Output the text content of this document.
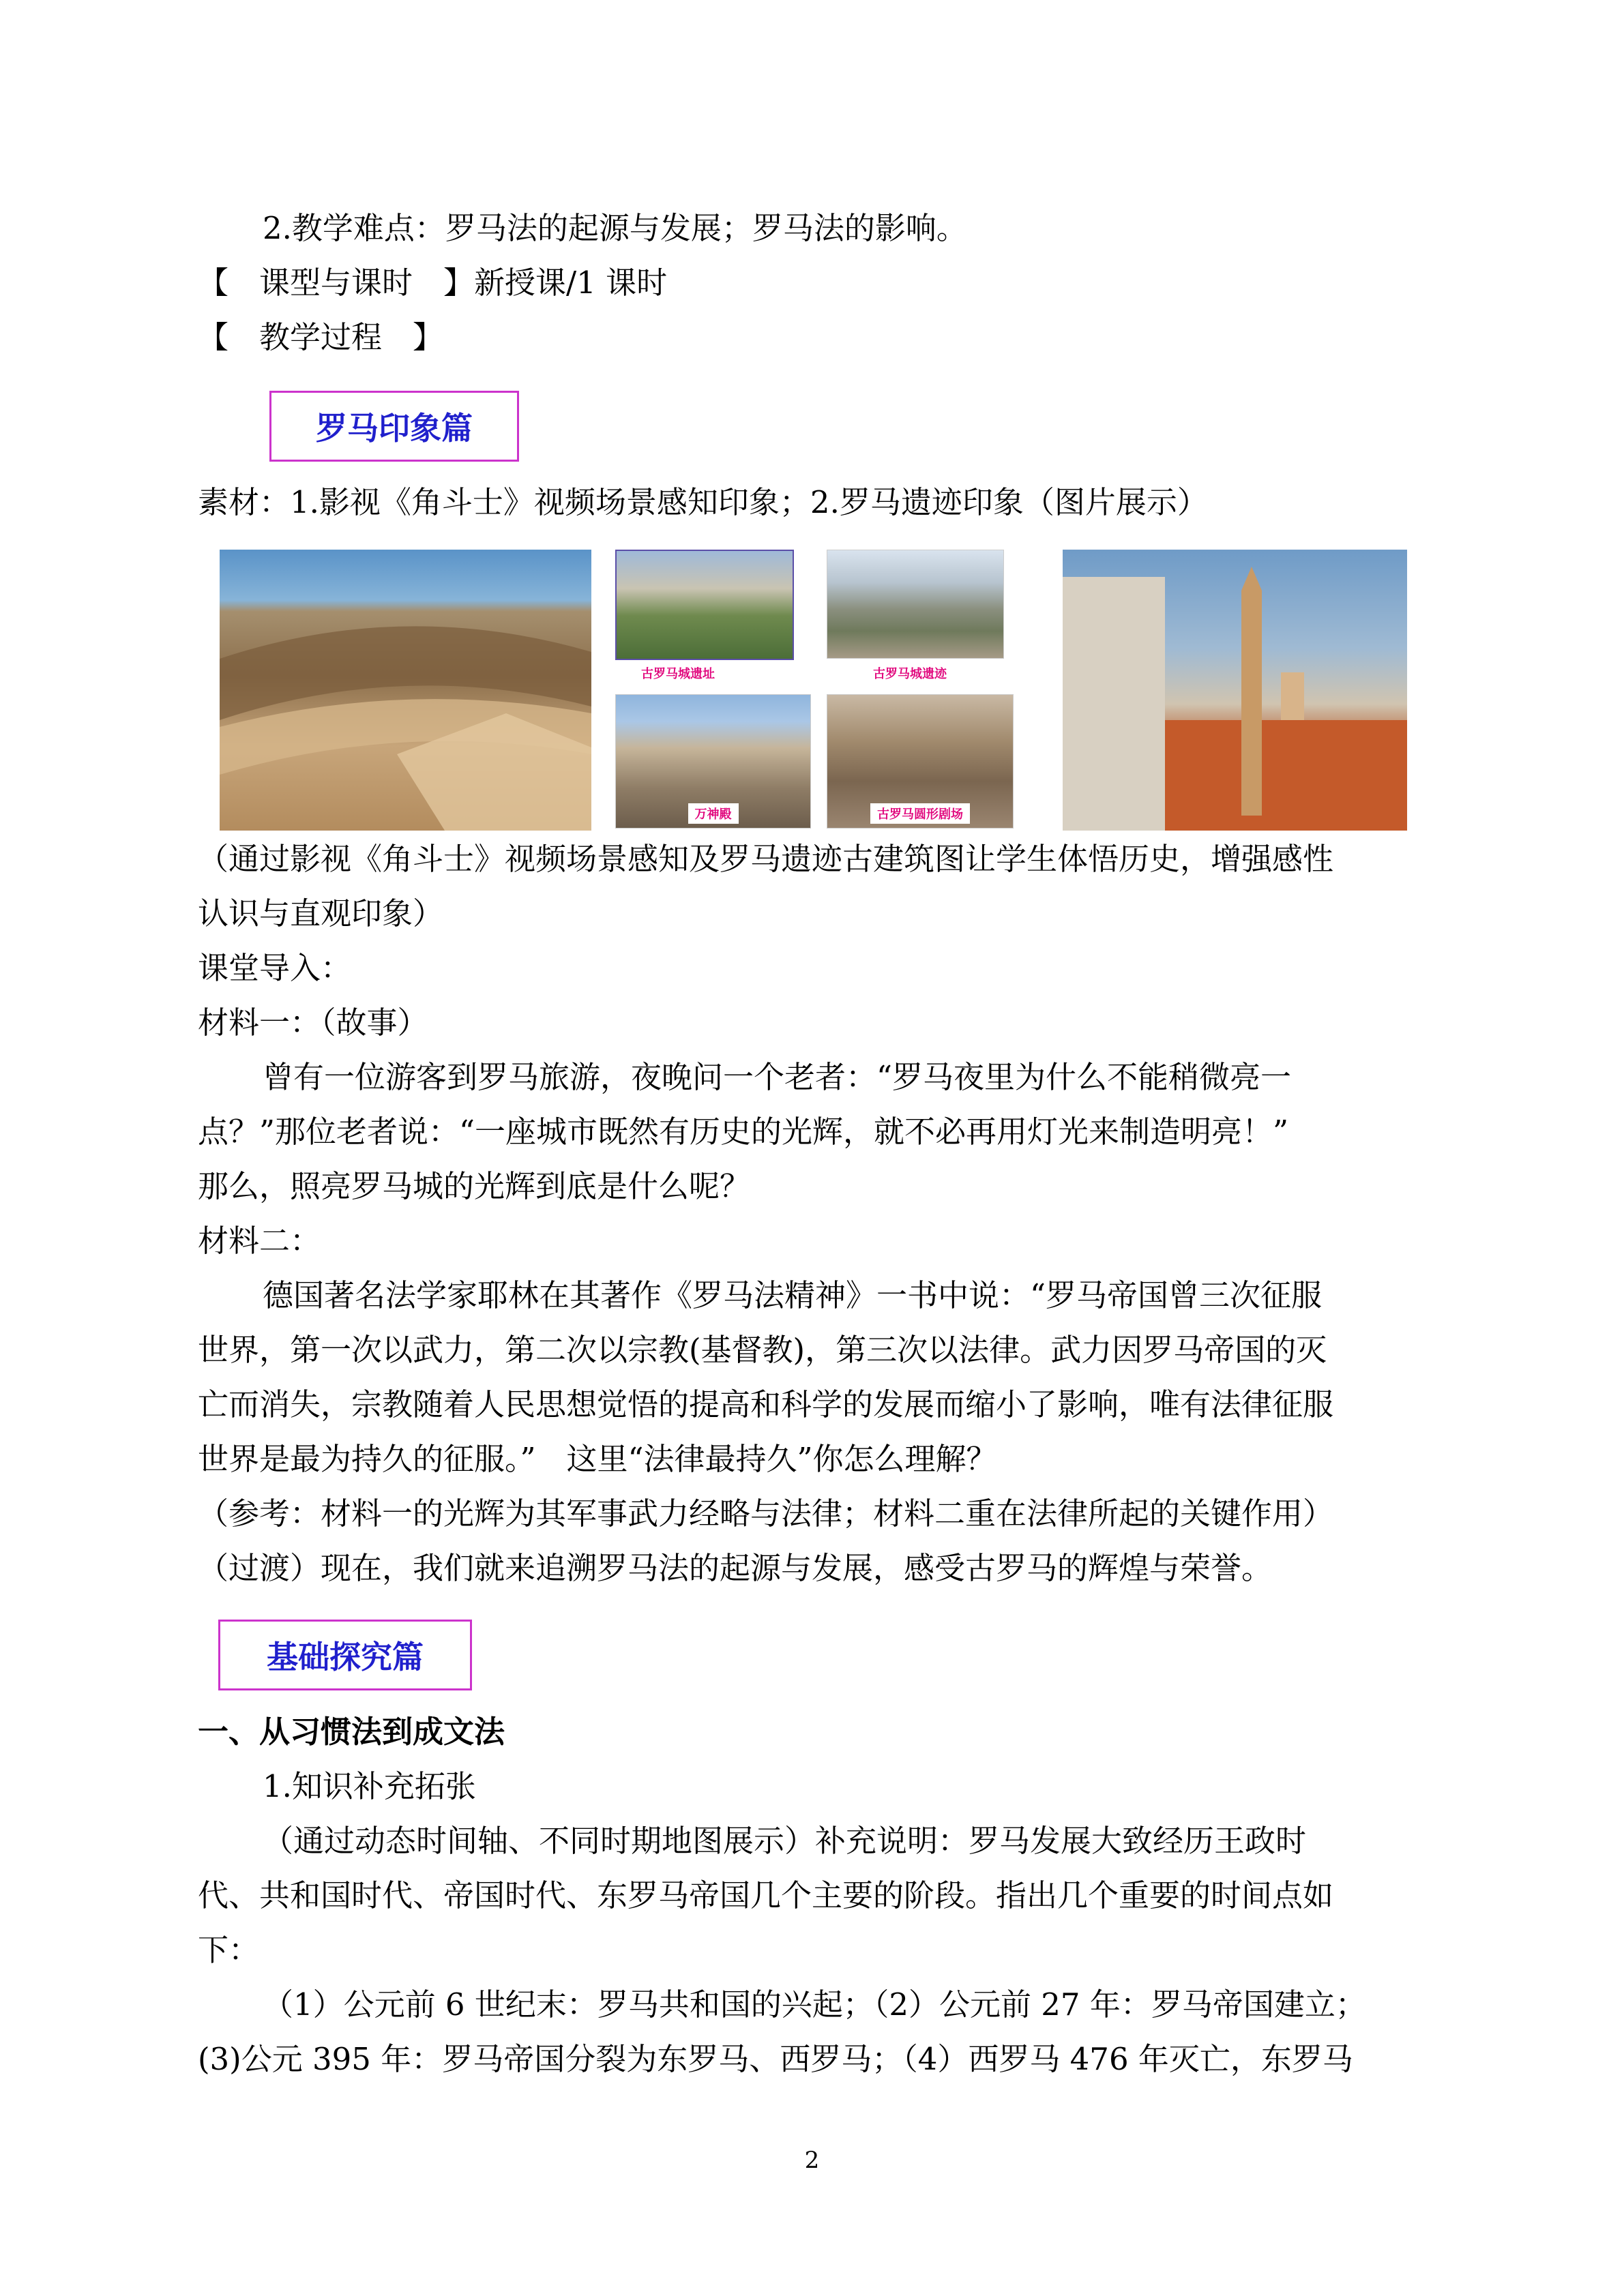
2.教学难点：罗马法的起源与发展；罗马法的影响。

【　课型与课时　】新授课/1 课时

【　教学过程　】

罗马印象篇

素材：1.影视《角斗士》视频场景感知印象；2.罗马遗迹印象（图片展示）

古罗马城遗址	古罗马城遗迹
万神殿	古罗马圆形剧场

（通过影视《角斗士》视频场景感知及罗马遗迹古建筑图让学生体悟历史，增强感性

认识与直观印象）

课堂导入：

材料一：（故事）

曾有一位游客到罗马旅游，夜晚问一个老者：“罗马夜里为什么不能稍微亮一

点？”那位老者说：“一座城市既然有历史的光辉，就不必再用灯光来制造明亮！”

那么，照亮罗马城的光辉到底是什么呢？

材料二：

德国著名法学家耶林在其著作《罗马法精神》一书中说：“罗马帝国曾三次征服

世界，第一次以武力，第二次以宗教(基督教)，第三次以法律。武力因罗马帝国的灭

亡而消失，宗教随着人民思想觉悟的提高和科学的发展而缩小了影响，唯有法律征服

世界是最为持久的征服。”　这里“法律最持久”你怎么理解？

（参考：材料一的光辉为其军事武力经略与法律；材料二重在法律所起的关键作用）

（过渡）现在，我们就来追溯罗马法的起源与发展，感受古罗马的辉煌与荣誉。

基础探究篇

一、从习惯法到成文法

1.知识补充拓张

（通过动态时间轴、不同时期地图展示）补充说明：罗马发展大致经历王政时

代、共和国时代、帝国时代、东罗马帝国几个主要的阶段。指出几个重要的时间点如

下：

（1）公元前 6 世纪末：罗马共和国的兴起；（2）公元前 27 年：罗马帝国建立；

(3)公元 395 年：罗马帝国分裂为东罗马、西罗马；（4）西罗马 476 年灭亡，东罗马

2
